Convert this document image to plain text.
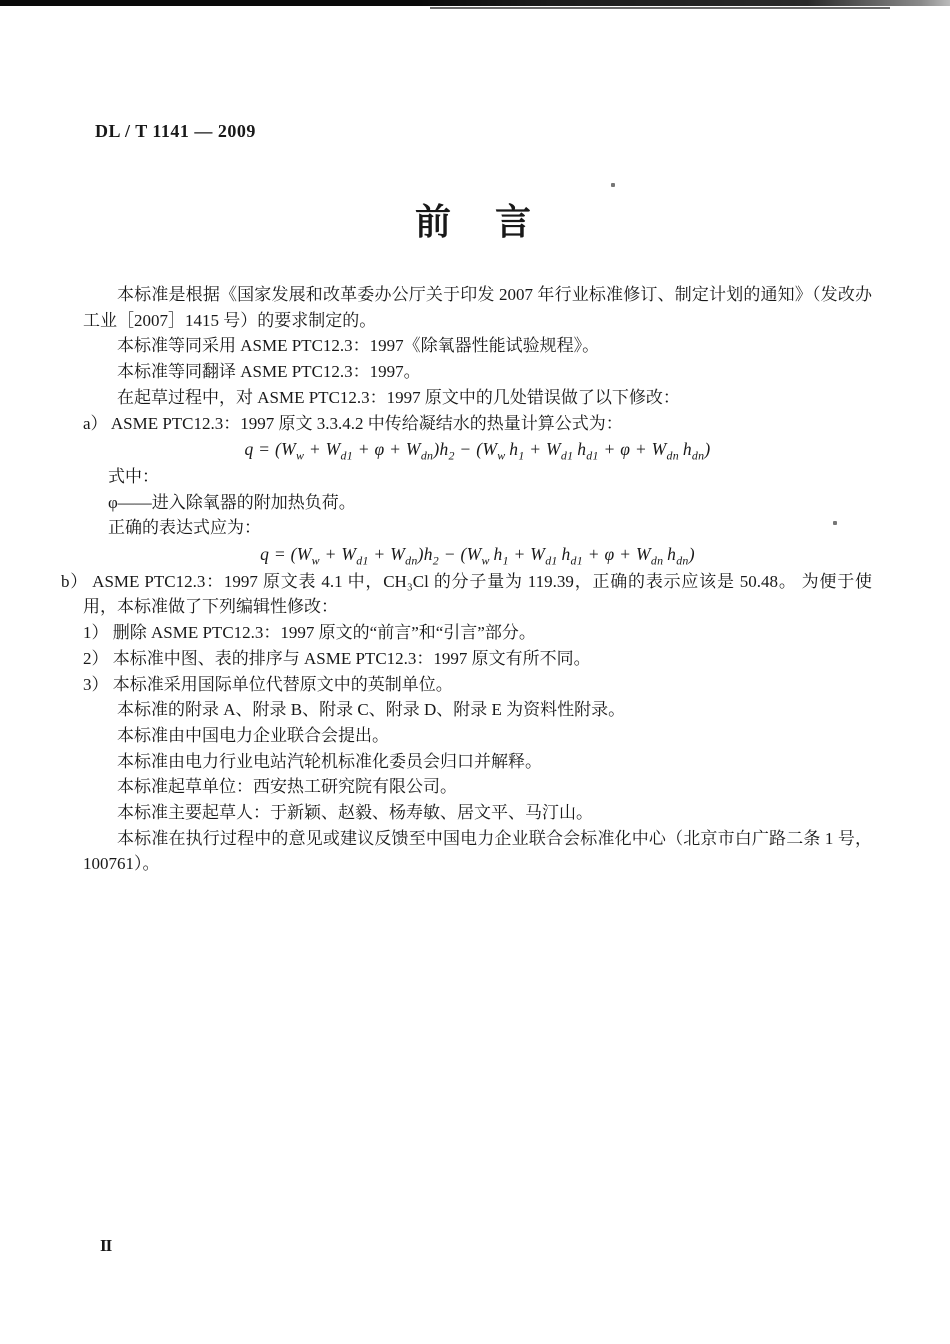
DL / T 1141 — 2009
前　言

本标准是根据《国家发展和改革委办公厅关于印发 2007 年行业标准修订、制定计划的通知》（发改办工业［2007］1415 号）的要求制定的。

本标准等同采用 ASME PTC12.3：1997《除氧器性能试验规程》。

本标准等同翻译 ASME PTC12.3：1997。

在起草过程中，对 ASME PTC12.3：1997 原文中的几处错误做了以下修改：

a） ASME PTC12.3：1997 原文 3.3.4.2 中传给凝结水的热量计算公式为：

$q = (W_w + W_{d1} + \varphi + W_{dn})h_2 - (W_w$ $h_1 + W_{d1}$ $h_{d1} + \varphi + W_{dn}$ $h_{dn}$)

式中：

φ——进入除氧器的附加热负荷。

正确的表达式应为：

$q = (W_w + W_{d1} + W_{dn})h_2 - (W_w$ $h_1 + W_{d1}$ $h_{d1} + \varphi + W_{dn}$ $h_{dn}$)

b） ASME PTC12.3：1997 原文表 4.1 中，CH₃Cl 的分子量为 119.39，正确的表示应该是 50.48。 为便于使用，本标准做了下列编辑性修改：

1） 删除 ASME PTC12.3：1997 原文的“前言”和“引言”部分。

2） 本标准中图、表的排序与 ASME PTC12.3：1997 原文有所不同。

3） 本标准采用国际单位代替原文中的英制单位。

本标准的附录 A、附录 B、附录 C、附录 D、附录 E 为资料性附录。

本标准由中国电力企业联合会提出。

本标准由电力行业电站汽轮机标准化委员会归口并解释。

本标准起草单位：西安热工研究院有限公司。

本标准主要起草人：于新颖、赵毅、杨寿敏、居文平、马汀山。

本标准在执行过程中的意见或建议反馈至中国电力企业联合会标准化中心（北京市白广路二条 1 号，100761）。

II
